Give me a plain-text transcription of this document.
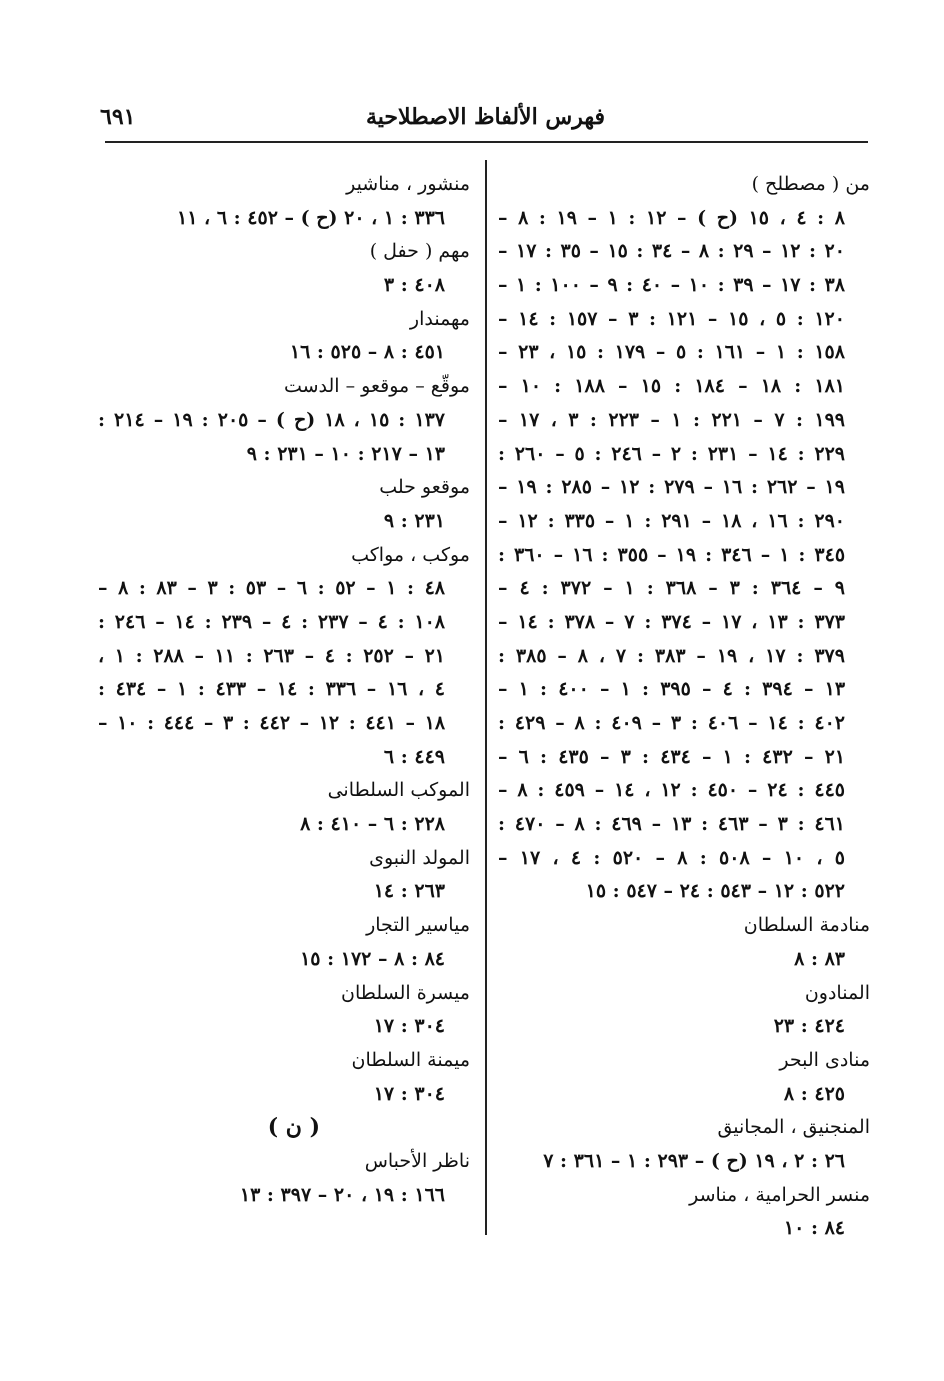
٦٩١	فهرس الألفاظ الاصطلاحية
من ( مصطلح )
٨ : ٤ ، ١٥ (ح ) – ١٢ : ١ – ١٩ : ٨ –
٢٠ : ١٢ – ٢٩ : ٨ – ٣٤ : ١٥ – ٣٥ : ١٧ –
٣٨ : ١٧ – ٣٩ : ١٠ – ٤٠ : ٩ – ١٠٠ : ١ –
١٢٠ : ٥ ، ١٥ – ١٢١ : ٣ – ١٥٧ : ١٤ –
١٥٨ : ١ – ١٦١ : ٥ – ١٧٩ : ١٥ ، ٢٣ –
١٨١ : ١٨ – ١٨٤ : ١٥ – ١٨٨ : ١٠ –
١٩٩ : ٧ – ٢٢١ : ١ – ٢٢٣ : ٣ ، ١٧ –
٢٢٩ : ١٤ – ٢٣١ : ٢ – ٢٤٦ : ٥ – ٢٦٠ :
١٩ – ٢٦٢ : ١٦ – ٢٧٩ : ١٢ – ٢٨٥ : ١٩ –
٢٩٠ : ١٦ ، ١٨ – ٢٩١ : ١ – ٣٣٥ : ١٢ –
٣٤٥ : ١ – ٣٤٦ : ١٩ – ٣٥٥ : ١٦ – ٣٦٠ :
٩ – ٣٦٤ : ٣ – ٣٦٨ : ١ – ٣٧٢ : ٤ –
٣٧٣ : ١٣ ، ١٧ – ٣٧٤ : ٧ – ٣٧٨ : ١٤ –
٣٧٩ : ١٧ ، ١٩ – ٣٨٣ : ٧ ، ٨ – ٣٨٥ :
١٣ – ٣٩٤ : ٤ – ٣٩٥ : ١ – ٤٠٠ : ١ –
٤٠٢ : ١٤ – ٤٠٦ : ٣ – ٤٠٩ : ٨ – ٤٢٩ :
٢١ – ٤٣٢ : ١ – ٤٣٤ : ٣ – ٤٣٥ : ٦ –
٤٤٥ : ٢٤ – ٤٥٠ : ١٢ ، ١٤ – ٤٥٩ : ٨ –
٤٦١ : ٣ – ٤٦٣ : ١٣ – ٤٦٩ : ٨ – ٤٧٠ :
٥ ، ١٠ – ٥٠٨ : ٨ – ٥٢٠ : ٤ ، ١٧ –
٥٢٢ : ١٢ – ٥٤٣ : ٢٤ – ٥٤٧ : ١٥
منادمة السلطان
٨٣ : ٨
المنادون
٤٢٤ : ٢٣
منادى البحر
٤٢٥ : ٨
المنجنيق ، المجانيق
٢٦ : ٢ ، ١٩ (ح ) – ٢٩٣ : ١ – ٣٦١ : ٧
منسر الحرامية ، مناسر
٨٤ : ١٠
منشور ، مناشير
٣٣٦ : ١ ، ٢٠ (ح ) – ٤٥٢ : ٦ ، ١١
مهم ( حفل )
٤٠٨ : ٣
مهمندار
٤٥١ : ٨ – ٥٢٥ : ١٦
موقّع – موقعو – الدست
١٣٧ : ١٥ ، ١٨ (ح ) – ٢٠٥ : ١٩ – ٢١٤ :
١٣ – ٢١٧ : ١٠ – ٢٣١ : ٩
موقعو حلب
٢٣١ : ٩
موكب ، مواكب
٤٨ : ١ – ٥٢ : ٦ – ٥٣ : ٣ – ٨٣ : ٨ –
١٠٨ : ٤ – ٢٣٧ : ٤ – ٢٣٩ : ١٤ – ٢٤٦ :
٢١ – ٢٥٢ : ٤ – ٢٦٣ : ١١ – ٢٨٨ : ١ ،
٤ ، ١٦ – ٣٣٦ : ١٤ – ٤٣٣ : ١ – ٤٣٤ :
١٨ – ٤٤١ : ١٢ – ٤٤٢ : ٣ – ٤٤٤ : ١٠ –
٤٤٩ : ٦
الموكب السلطانى
٢٢٨ : ٦ – ٤١٠ : ٨
المولد النبوى
٢٦٣ : ١٤
مياسير التجار
٨٤ : ٨ – ١٧٢ : ١٥
ميسرة السلطان
٣٠٤ : ١٧
ميمنة السلطان
٣٠٤ : ١٧
( ن )
ناظر الأحباس
١٦٦ : ١٩ ، ٢٠ – ٣٩٧ : ١٣
